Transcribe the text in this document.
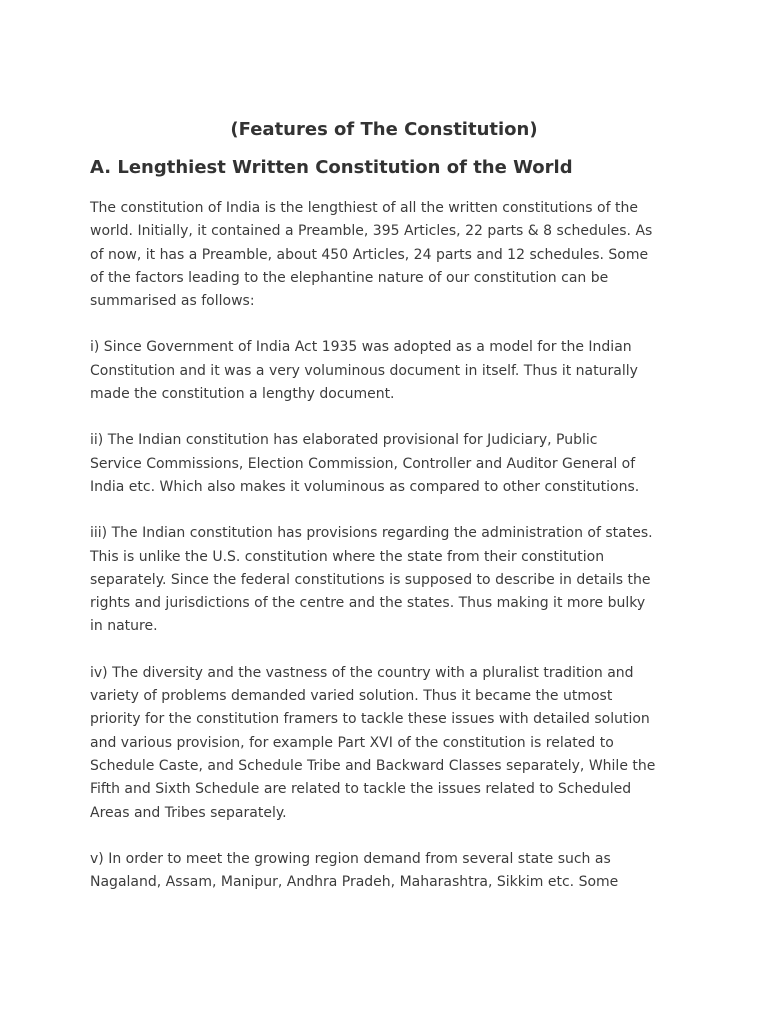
(Features of The Constitution)
A. Lengthiest Written Constitution of the World

The constitution of India is the lengthiest of all the written constitutions of the
world. Initially, it contained a Preamble, 395 Articles, 22 parts & 8 schedules. As
of now, it has a Preamble, about 450 Articles, 24 parts and 12 schedules. Some
of the factors leading to the elephantine nature of our constitution can be
summarised as follows:

i) Since Government of India Act 1935 was adopted as a model for the Indian
Constitution and it was a very voluminous document in itself. Thus it naturally
made the constitution a lengthy document.

ii) The Indian constitution has elaborated provisional for Judiciary, Public
Service Commissions, Election Commission, Controller and Auditor General of
India etc. Which also makes it voluminous as compared to other constitutions.

iii) The Indian constitution has provisions regarding the administration of states.
This is unlike the U.S. constitution where the state from their constitution
separately. Since the federal constitutions is supposed to describe in details the
rights and jurisdictions of the centre and the states. Thus making it more bulky
in nature.

iv) The diversity and the vastness of the country with a pluralist tradition and
variety of problems demanded varied solution. Thus it became the utmost
priority for the constitution framers to tackle these issues with detailed solution
and various provision, for example Part XVI of the constitution is related to
Schedule Caste, and Schedule Tribe and Backward Classes separately, While the
Fifth and Sixth Schedule are related to tackle the issues related to Scheduled
Areas and Tribes separately.

v) In order to meet the growing region demand from several state such as
Nagaland, Assam, Manipur, Andhra Pradeh, Maharashtra, Sikkim etc. Some
